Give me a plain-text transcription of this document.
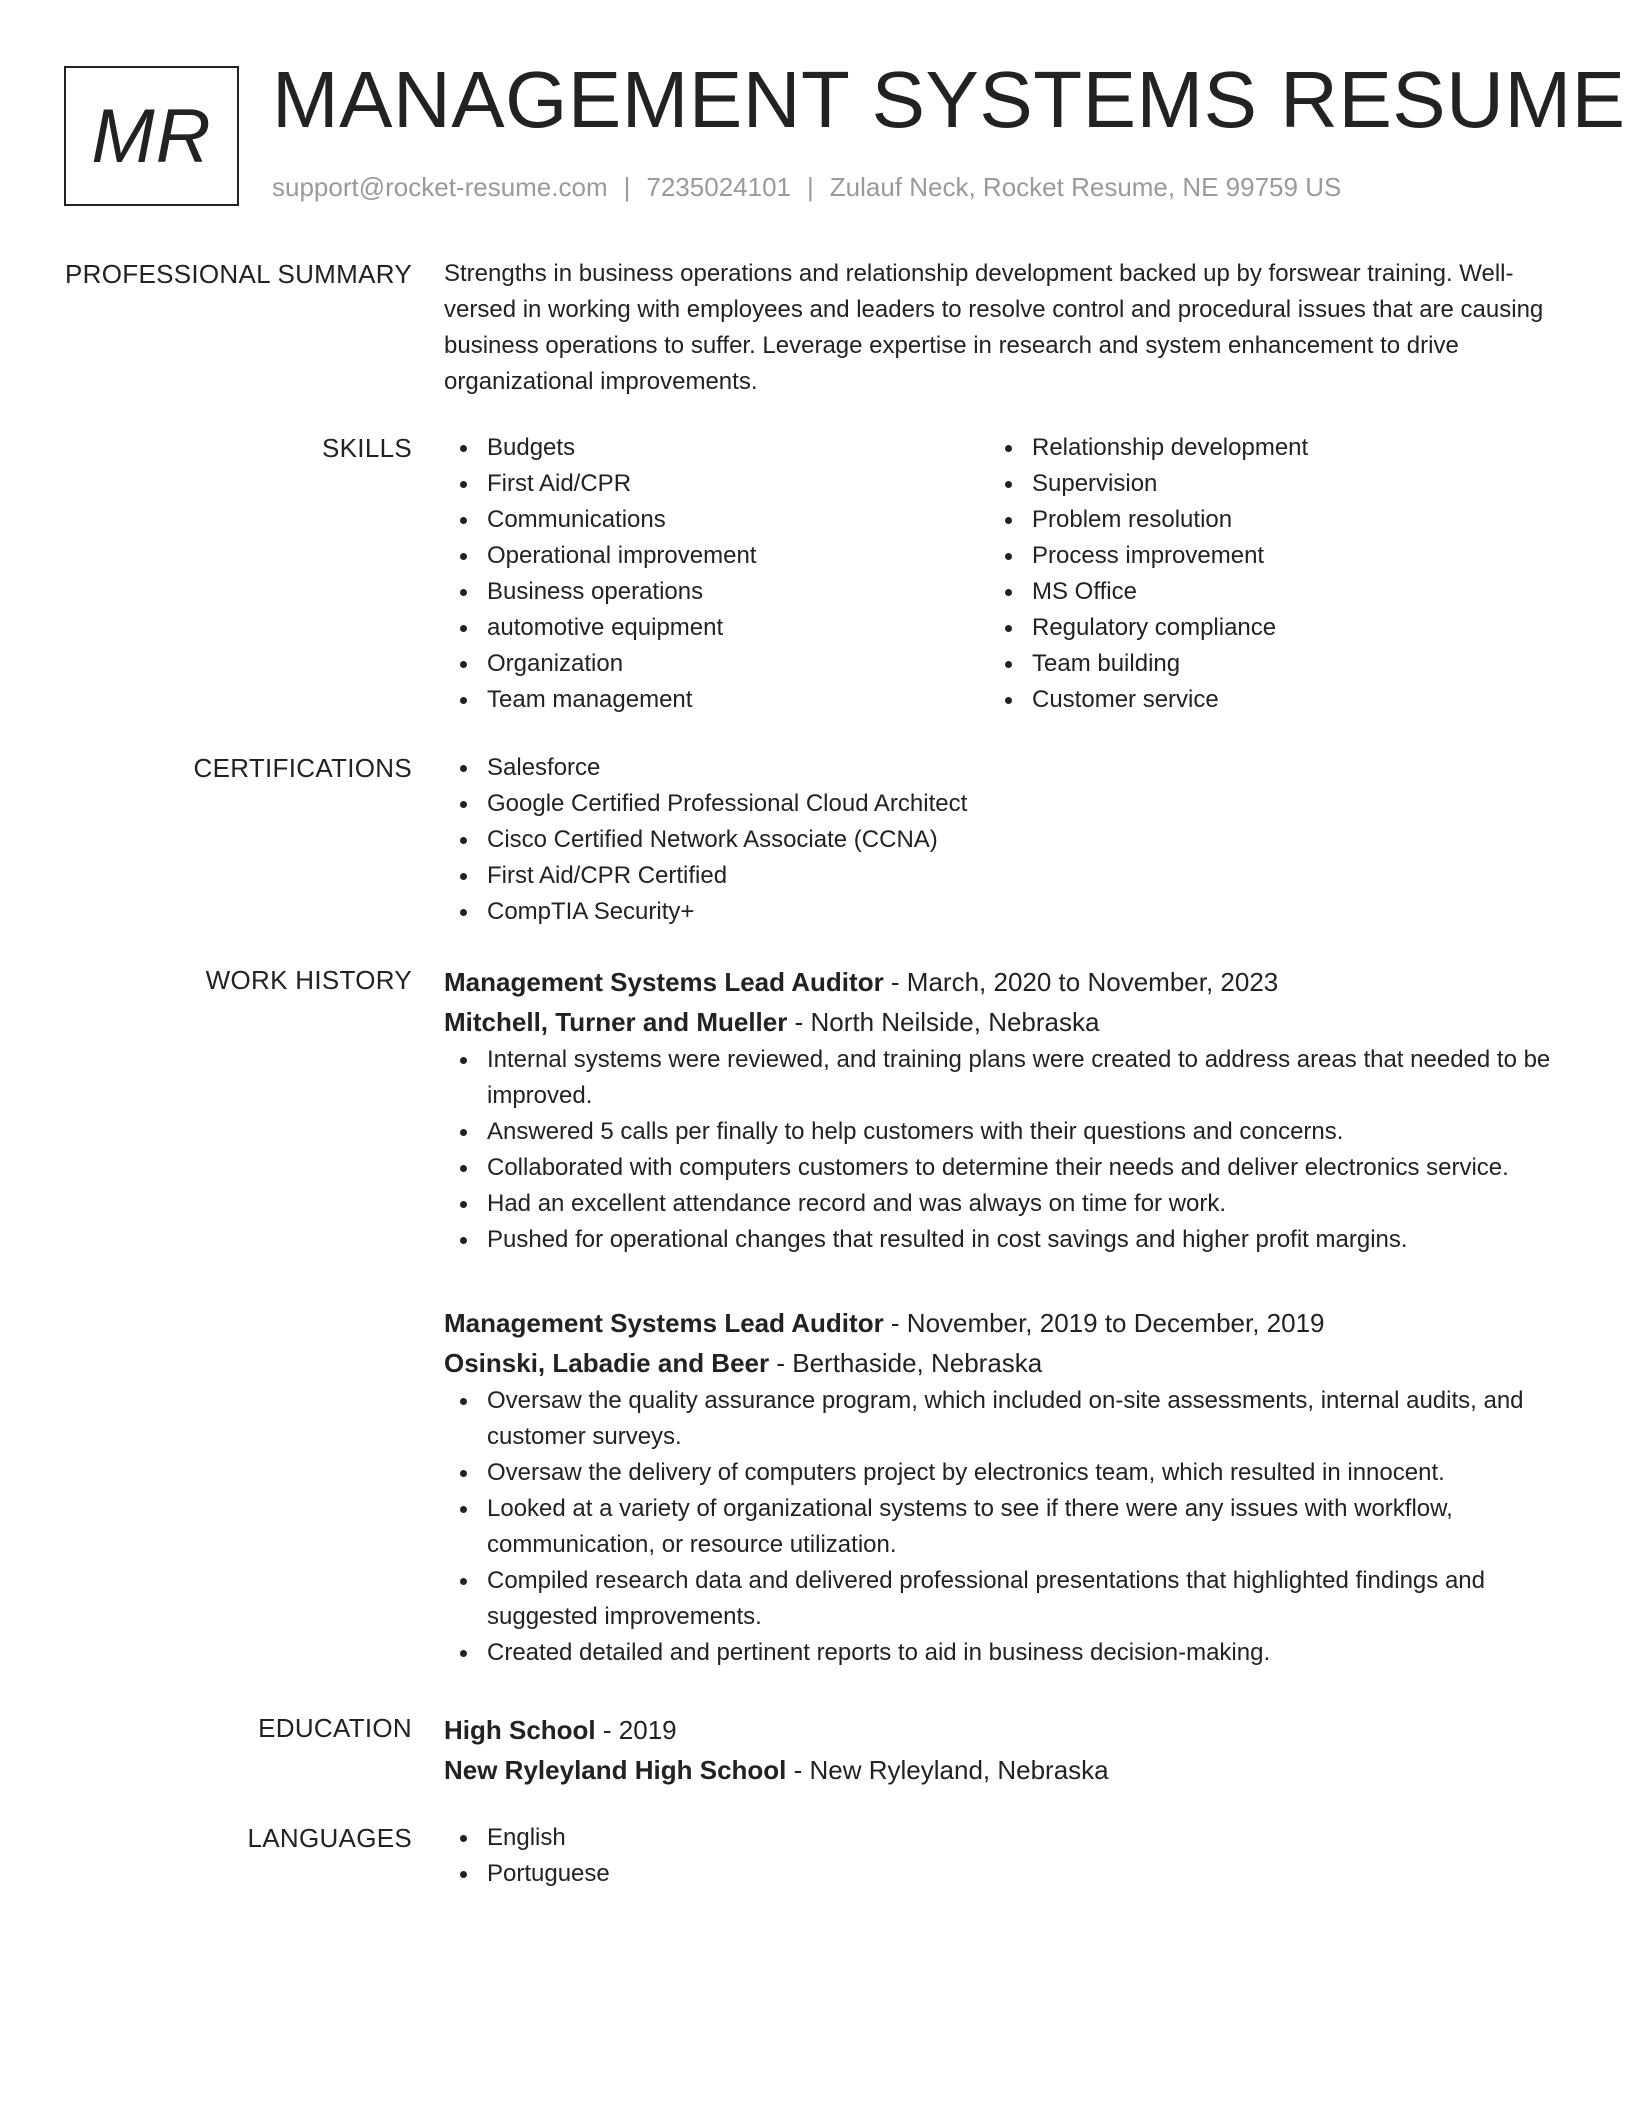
MR MANAGEMENT SYSTEMS RESUME
support@rocket-resume.com | 7235024101 | Zulauf Neck, Rocket Resume, NE 99759 US
PROFESSIONAL SUMMARY Strengths in business operations and relationship development backed up by forswear training. Well-versed in working with employees and leaders to resolve control and procedural issues that are causing business operations to suffer. Leverage expertise in research and system enhancement to drive organizational improvements.

SKILLS	Budgets
First Aid/CPR
Communications
Operational improvement
Business operations
automotive equipment
Organization
Team management
Relationship development
Supervision
Problem resolution
Process improvement
MS Office
Regulatory compliance
Team building
Customer service
CERTIFICATIONS	Salesforce
Google Certified Professional Cloud Architect
Cisco Certified Network Associate (CCNA)
First Aid/CPR Certified
CompTIA Security+
WORK HISTORY Management Systems Lead Auditor - March, 2020 to November, 2023
Mitchell, Turner and Mueller - North Neilside, Nebraska
Internal systems were reviewed, and training plans were created to address areas that needed to be improved.
Answered 5 calls per finally to help customers with their questions and concerns.
Collaborated with computers customers to determine their needs and deliver electronics service.
Had an excellent attendance record and was always on time for work.
Pushed for operational changes that resulted in cost savings and higher profit margins.
Management Systems Lead Auditor - November, 2019 to December, 2019
Osinski, Labadie and Beer - Berthaside, Nebraska
Oversaw the quality assurance program, which included on-site assessments, internal audits, and customer surveys.
Oversaw the delivery of computers project by electronics team, which resulted in innocent.
Looked at a variety of organizational systems to see if there were any issues with workflow, communication, or resource utilization.
Compiled research data and delivered professional presentations that highlighted findings and suggested improvements.
Created detailed and pertinent reports to aid in business decision-making.
EDUCATION High School - 2019
New Ryleyland High School - New Ryleyland, Nebraska
LANGUAGES	English
Portuguese
